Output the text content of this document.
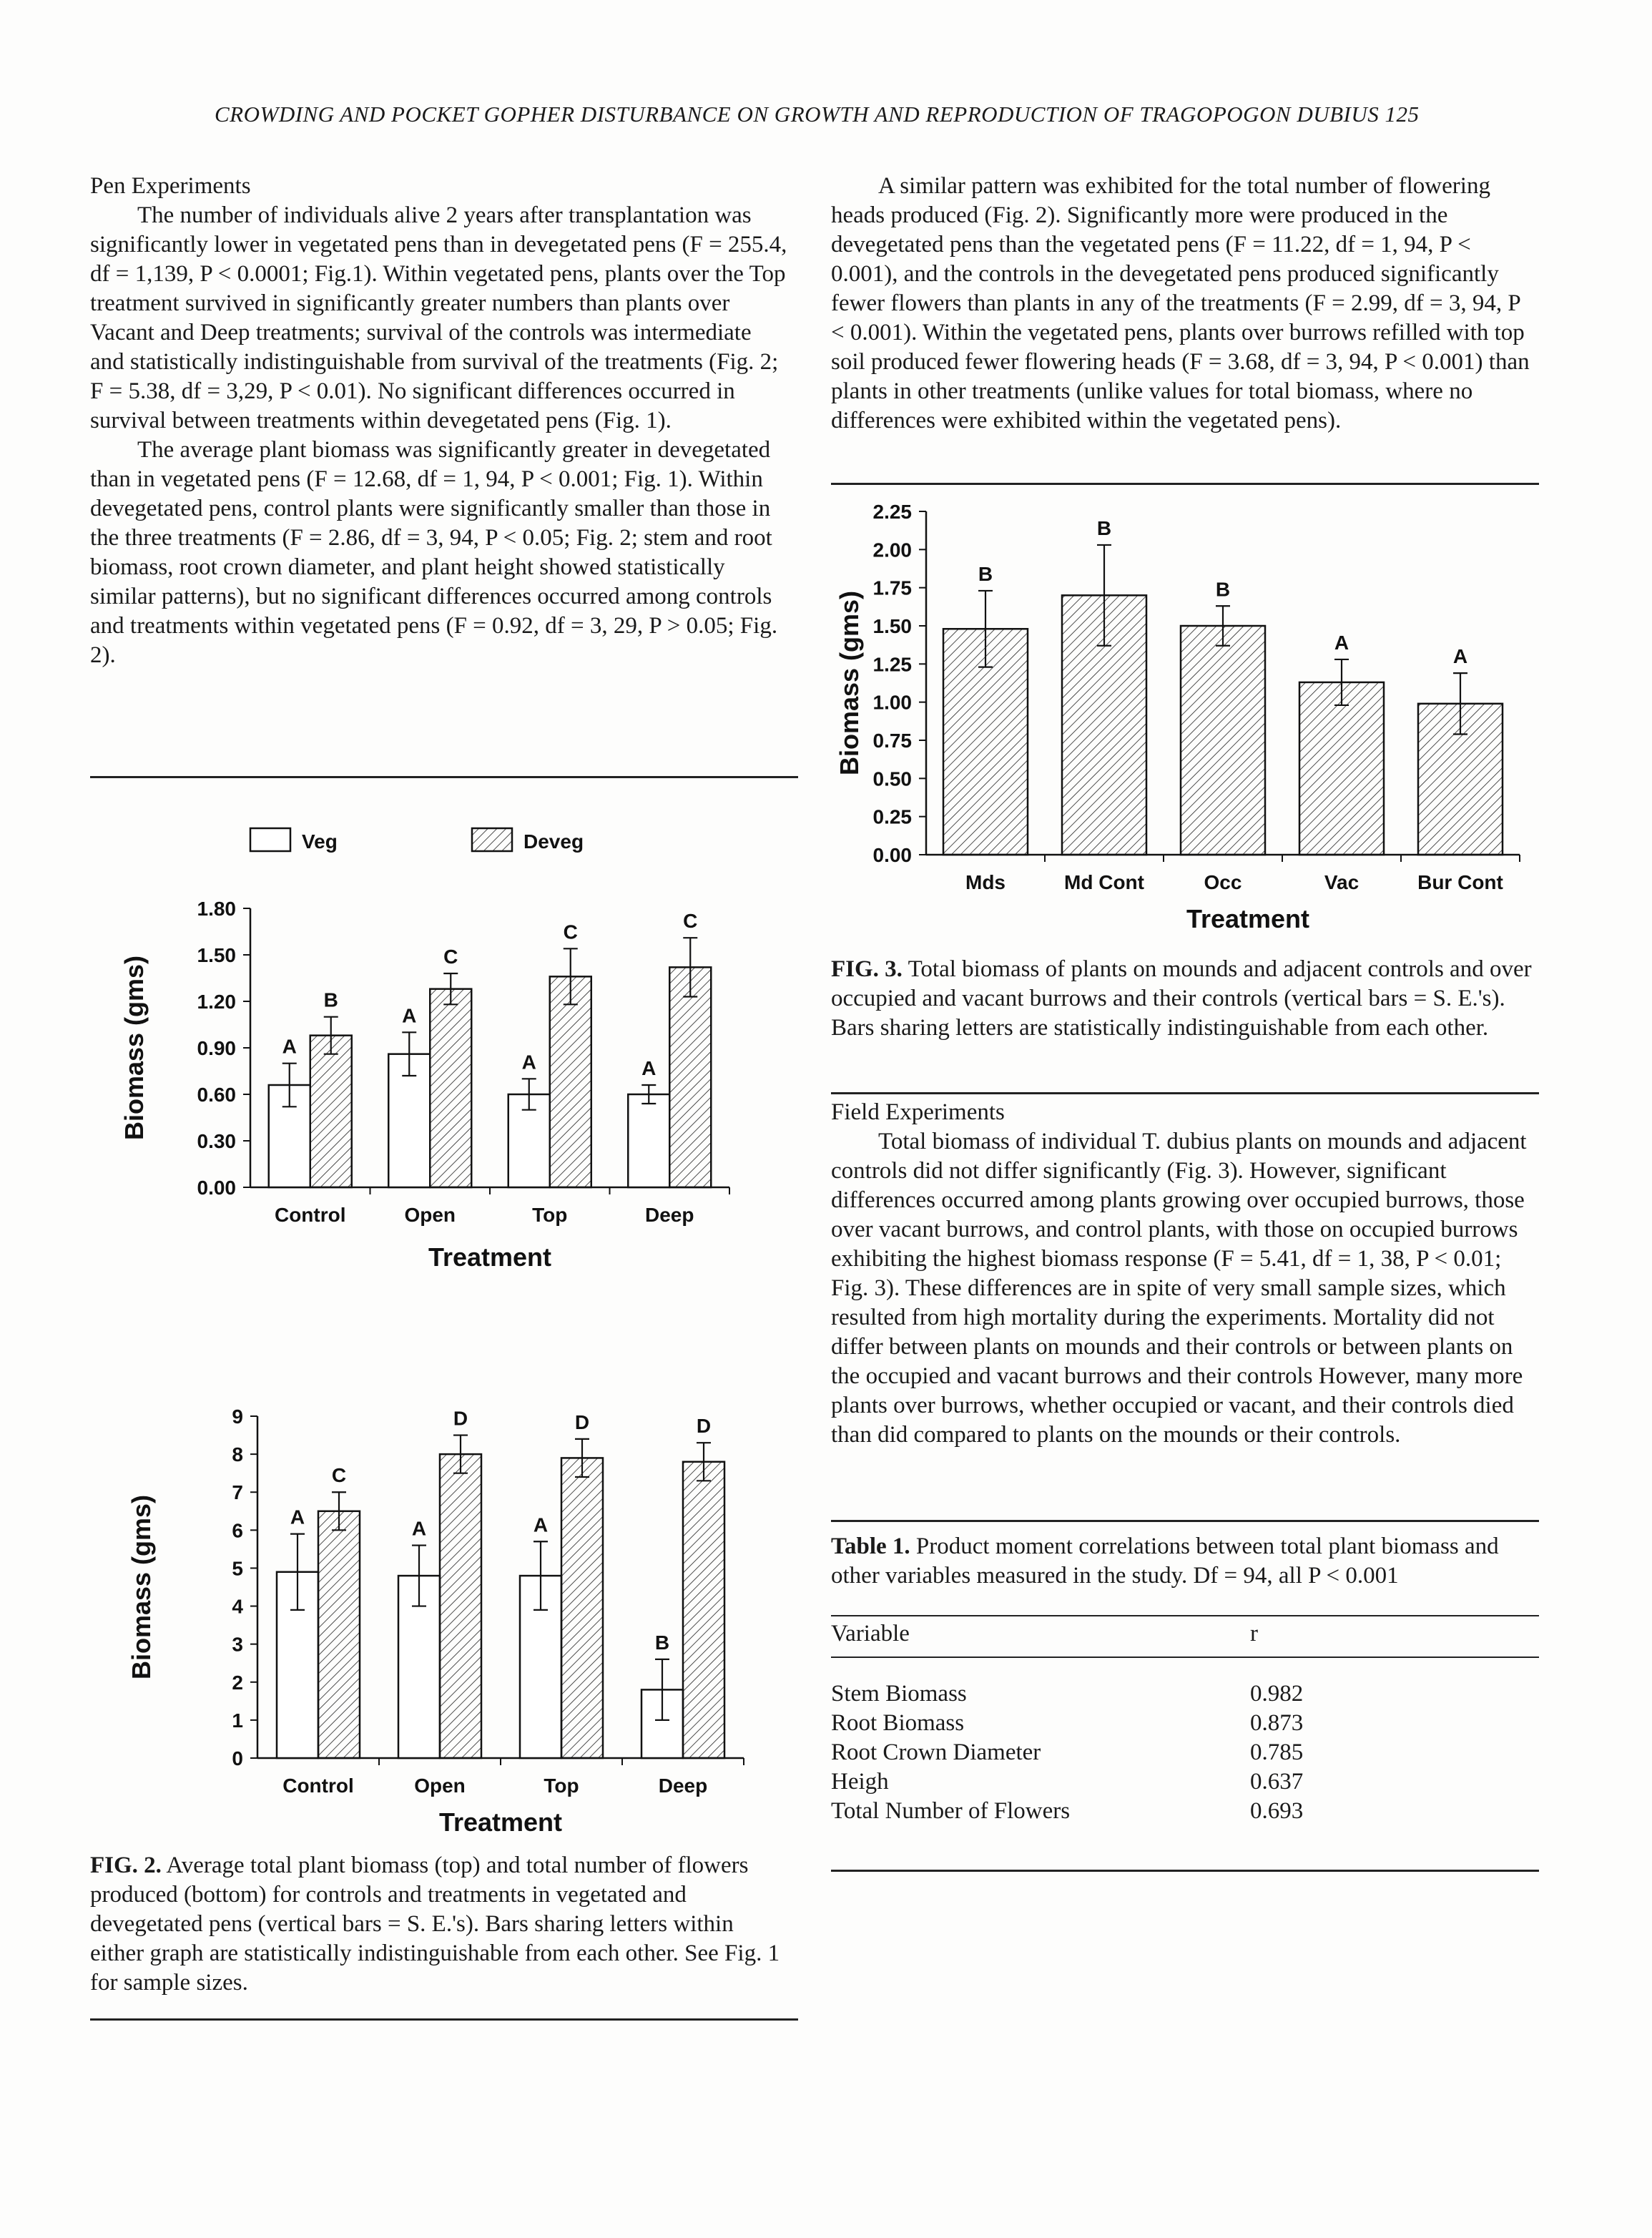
CROWDING AND POCKET GOPHER DISTURBANCE ON GROWTH AND REPRODUCTION OF TRAGOPOGON DUBIUS 125

Pen Experiments

The number of individuals alive 2 years after transplantation was significantly lower in vegetated pens than in devegetated pens (F = 255.4, df = 1,139, P < 0.0001; Fig.1). Within vegetated pens, plants over the Top treatment survived in significantly greater numbers than plants over Vacant and Deep treatments; survival of the controls was intermediate and statistically indistinguishable from survival of the treatments (Fig. 2; F = 5.38, df = 3,29, P < 0.01). No significant differences occurred in survival between treatments within devegetated pens (Fig. 1).

The average plant biomass was significantly greater in devegetated than in vegetated pens (F = 12.68, df = 1, 94, P < 0.001; Fig. 1). Within devegetated pens, control plants were significantly smaller than those in the three treatments (F = 2.86, df = 3, 94, P < 0.05; Fig. 2; stem and root biomass, root crown diameter, and plant height showed statistically similar patterns), but no significant differences occurred among controls and treatments within vegetated pens (F = 0.92, df = 3, 29, P > 0.05; Fig. 2).

0.00
0.30
0.60
0.90
1.20
1.50
1.80
Biomass (gms)
Treatment
Control	Open	Top	Deep
A
A
A	A
B
C
C	C
Veg	Deveg
0
1
2
3
4
5
6
7
8
9
Biomass (gms)
Treatment
Control	Open	Top	Deep
A
A	A
B
C
D	D	D
FIG. 2. Average total plant biomass (top) and total number of flowers produced (bottom) for controls and treatments in vegetated and devegetated pens (vertical bars = S. E.'s). Bars sharing letters within either graph are statistically indistinguishable from each other. See Fig. 1 for sample sizes.

A similar pattern was exhibited for the total number of flowering heads produced (Fig. 2). Significantly more were produced in the devegetated pens than the vegetated pens (F = 11.22, df = 1, 94, P < 0.001), and the controls in the devegetated pens produced significantly fewer flowers than plants in any of the treatments (F = 2.99, df = 3, 94, P < 0.001). Within the vegetated pens, plants over burrows refilled with top soil produced fewer flowering heads (F = 3.68, df = 3, 94, P < 0.001) than plants in other treatments (unlike values for total biomass, where no differences were exhibited within the vegetated pens).

0.00
0.25
0.50
0.75
1.00
1.25
1.50
1.75
2.00
2.25
Biomass (gms)
Treatment
Mds	Md Cont	Occ	Vac	Bur Cont
B
B
B
A
A
FIG. 3. Total biomass of plants on mounds and adjacent controls and over occupied and vacant burrows and their controls (vertical bars = S. E.'s). Bars sharing letters are statistically indistinguishable from each other.

Field Experiments

Total biomass of individual T. dubius plants on mounds and adjacent controls did not differ significantly (Fig. 3). However, significant differences occurred among plants growing over occupied burrows, those over vacant burrows, and control plants, with those on occupied burrows exhibiting the highest biomass response (F = 5.41, df = 1, 38, P < 0.01; Fig. 3). These differences are in spite of very small sample sizes, which resulted from high mortality during the experiments. Mortality did not differ between plants on mounds and their controls or between plants on the occupied and vacant burrows and their controls However, many more plants over burrows, whether occupied or vacant, and their controls died than did compared to plants on the mounds or their controls.

Table 1. Product moment correlations between total plant biomass and other variables measured in the study. Df = 94, all P < 0.001
Variable	r
Stem Biomass	0.982
Root Biomass	0.873
Root Crown Diameter	0.785
Heigh	0.637
Total Number of Flowers	0.693
